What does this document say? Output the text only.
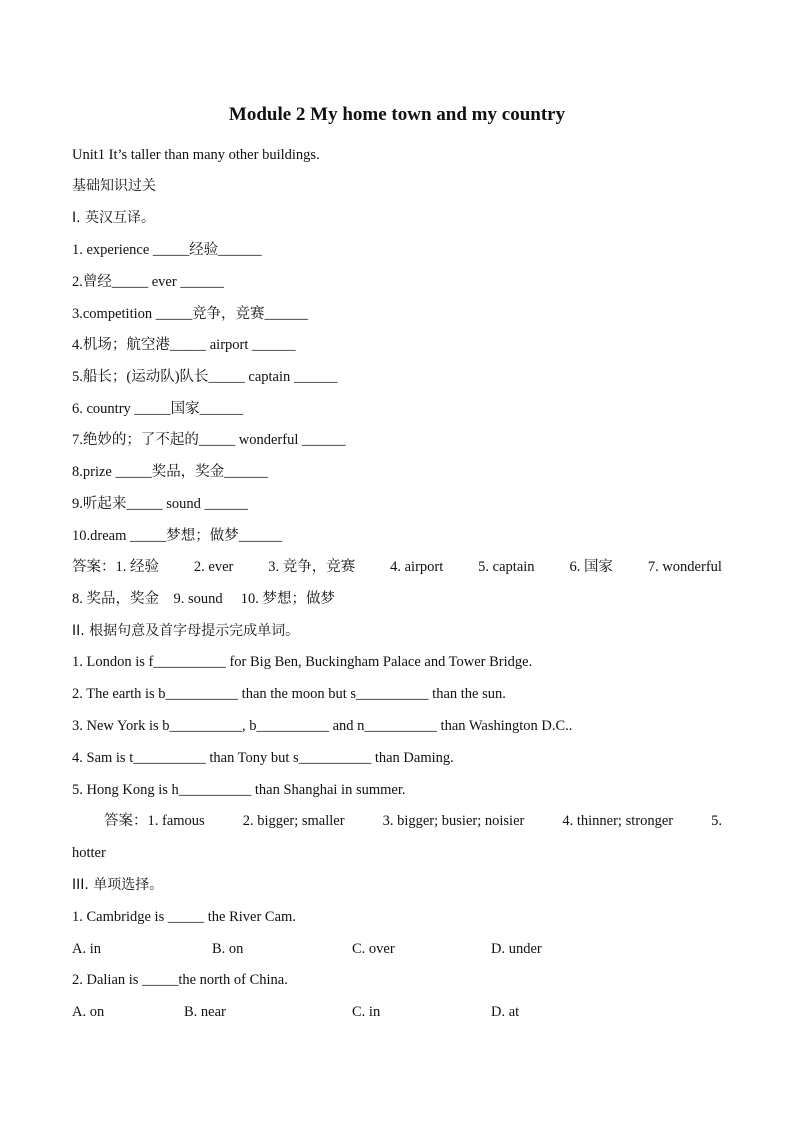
Module 2 My home town and my country
Unit1 It’s taller than many other buildings.
基础知识过关
I. 英汉互译。
1. experience _____经验______
2.曾经_____ ever ______
3.competition _____竞争，竞赛______
4.机场；航空港_____ airport ______
5.船长；(运动队)队长_____ captain ______
6. country _____国家______
7.绝妙的；了不起的_____ wonderful ______
8.prize _____奖品，奖金______
9.听起来_____ sound ______
10.dream _____梦想；做梦______
答案：1. 经验 2. ever 3. 竞争，竞赛 4. airport 5. captain 6. 国家 7. wonderful
8. 奖品，奖金    9. sound     10. 梦想；做梦
II. 根据句意及首字母提示完成单词。
1. London is f__________ for Big Ben, Buckingham Palace and Tower Bridge.
2. The earth is b__________ than the moon but s__________ than the sun.
3. New York is b__________, b__________ and n__________ than Washington D.C..
4. Sam is t__________ than Tony but s__________ than Daming.
5. Hong Kong is h__________ than Shanghai in summer.
答案：1. famous	2. bigger; smaller	3. bigger; busier; noisier	4. thinner; stronger	5.
hotter
III. 单项选择。
1. Cambridge is _____ the River Cam.
A. in	B. on	C. over	D. under
2. Dalian is _____the north of China.
A. on	B. near	C. in	D. at
